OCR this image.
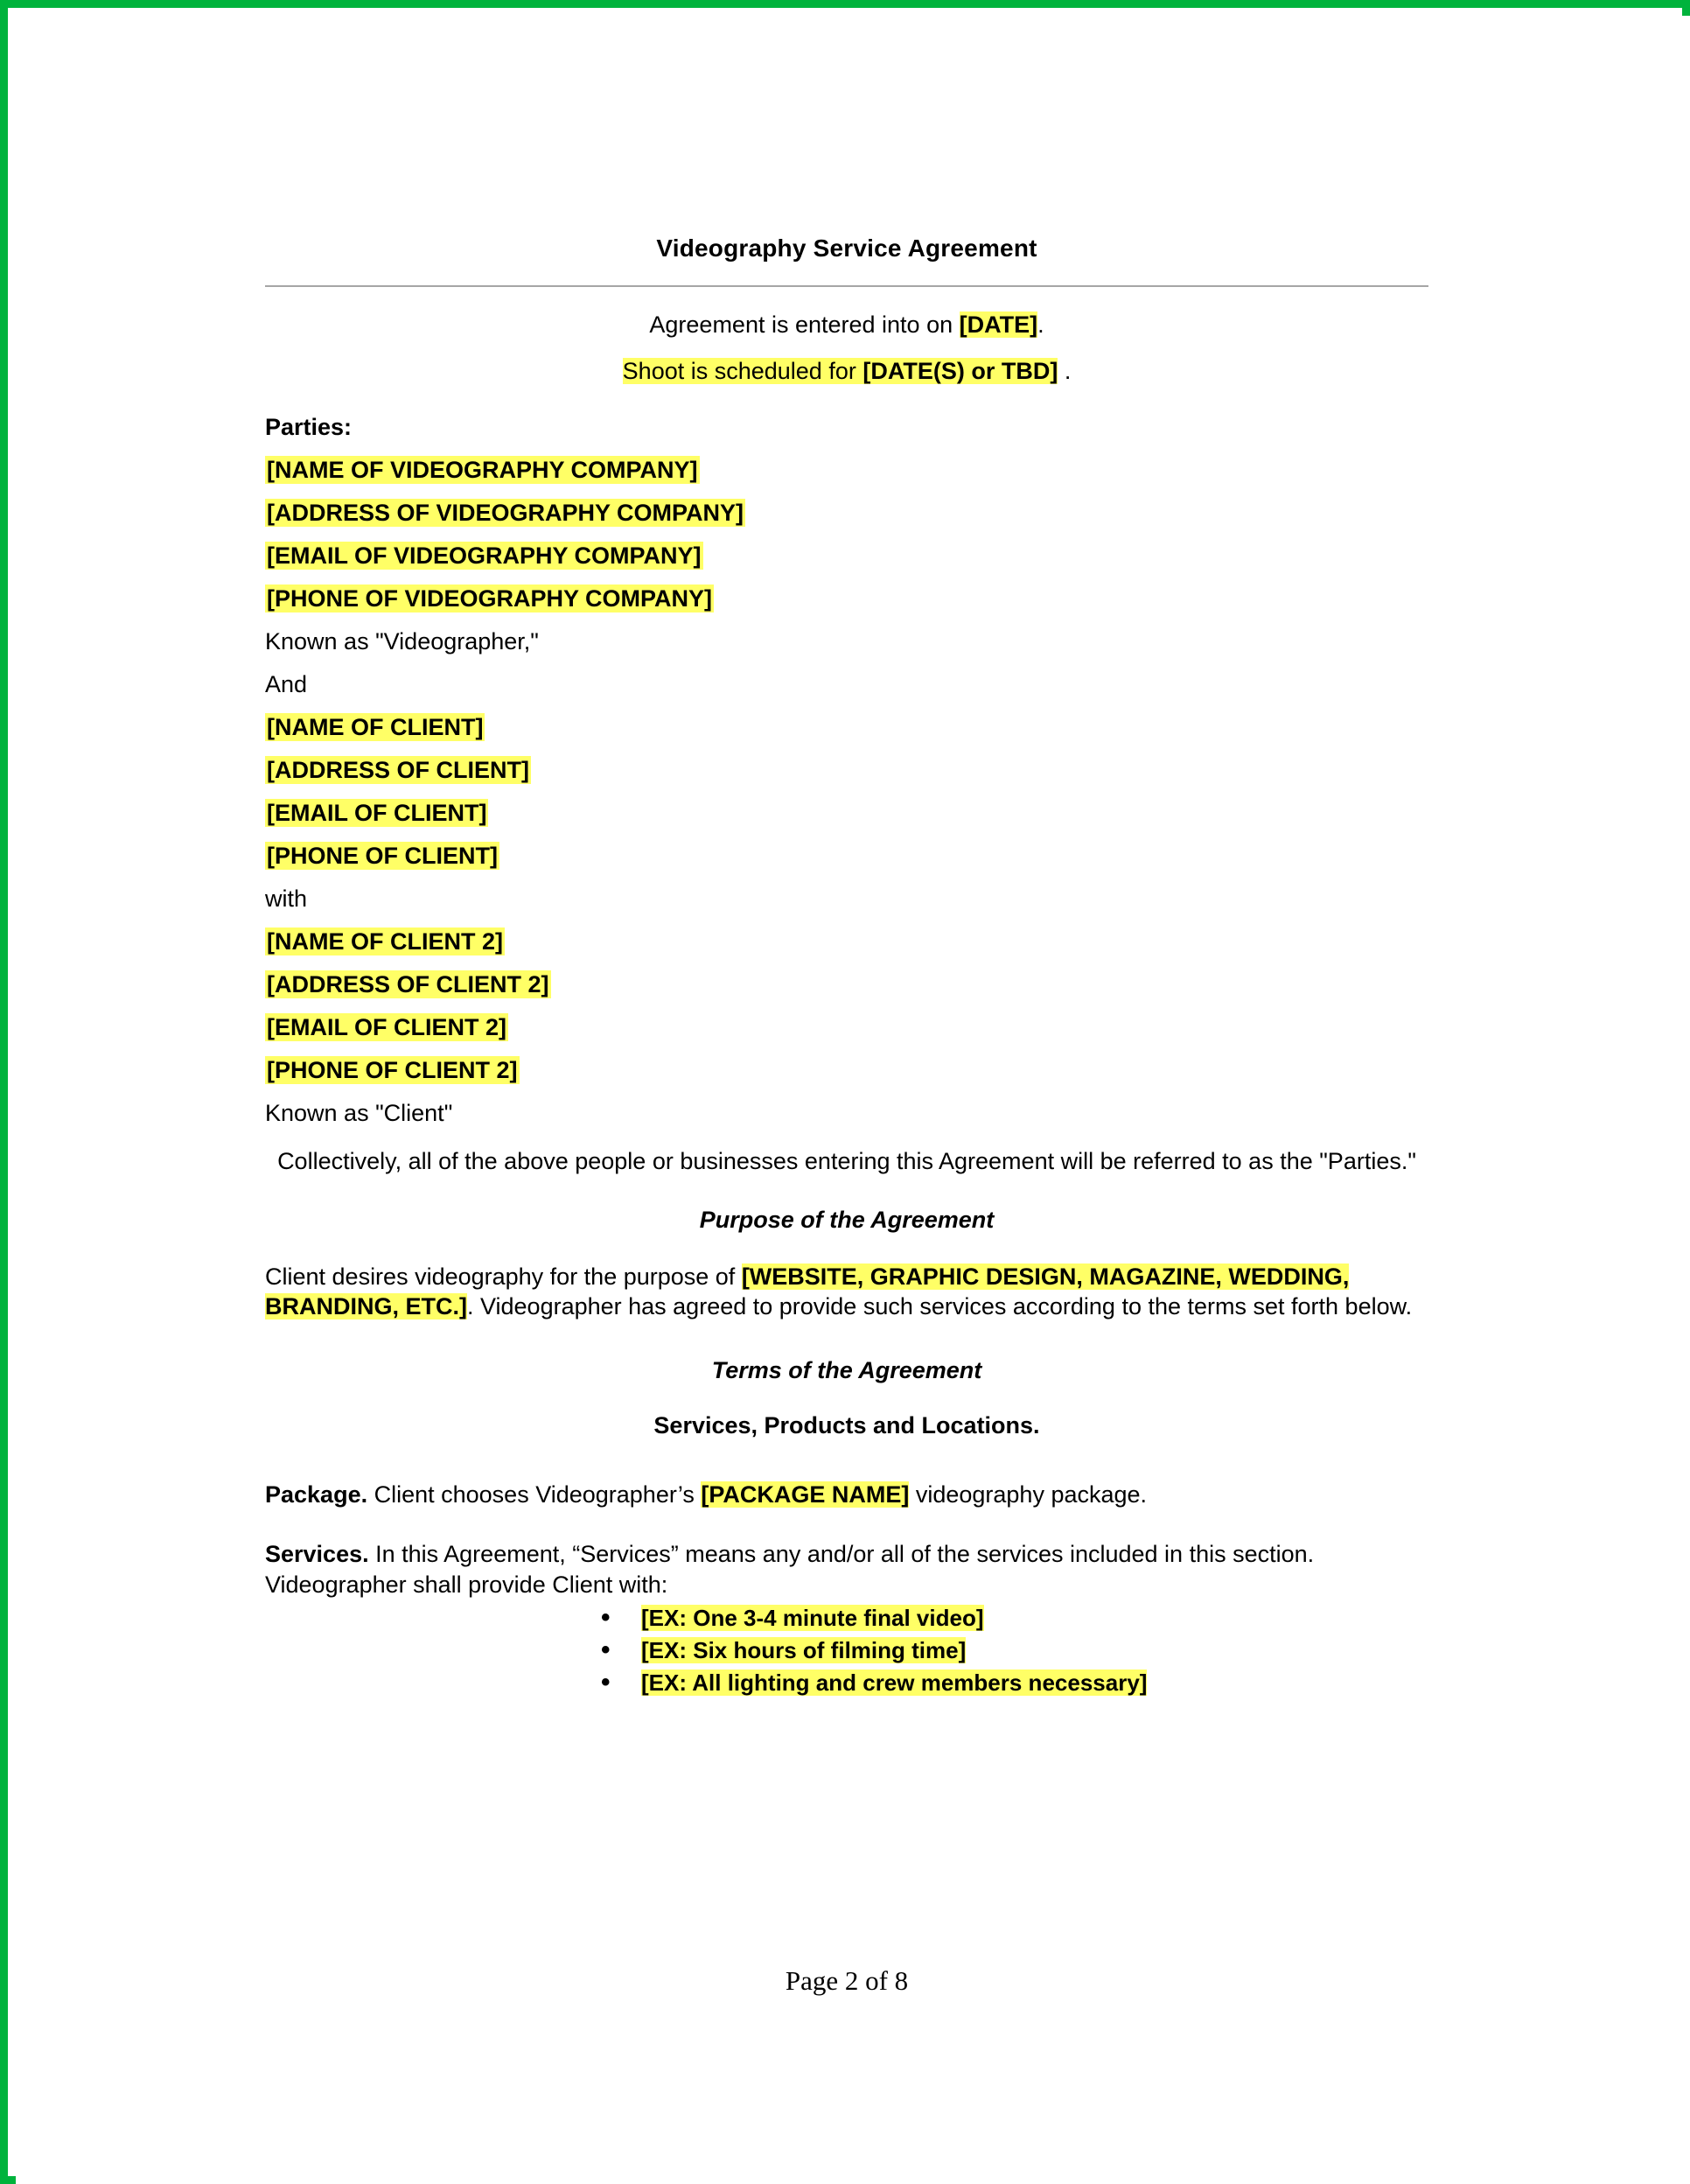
Videography Service Agreement
Agreement is entered into on [DATE].
Shoot is scheduled for [DATE(S) or TBD] .
Parties:
[NAME OF VIDEOGRAPHY COMPANY]
[ADDRESS OF VIDEOGRAPHY COMPANY]
[EMAIL OF VIDEOGRAPHY COMPANY]
[PHONE OF VIDEOGRAPHY COMPANY]
Known as "Videographer,"
And
[NAME OF CLIENT]
[ADDRESS OF CLIENT]
[EMAIL OF CLIENT]
[PHONE OF CLIENT]
with
[NAME OF CLIENT 2]
[ADDRESS OF CLIENT 2]
[EMAIL OF CLIENT 2]
[PHONE OF CLIENT 2]
Known as "Client"
Collectively, all of the above people or businesses entering this Agreement will be referred to as the "Parties."
Purpose of the Agreement
Client desires videography for the purpose of [WEBSITE, GRAPHIC DESIGN, MAGAZINE, WEDDING, BRANDING, ETC.]. Videographer has agreed to provide such services according to the terms set forth below.
Terms of the Agreement
Services, Products and Locations.
Package. Client chooses Videographer’s [PACKAGE NAME] videography package.
Services. In this Agreement, “Services” means any and/or all of the services included in this section. Videographer shall provide Client with:
• [EX: One 3-4 minute final video]
• [EX: Six hours of filming time]
• [EX: All lighting and crew members necessary]
Page 2 of 8
